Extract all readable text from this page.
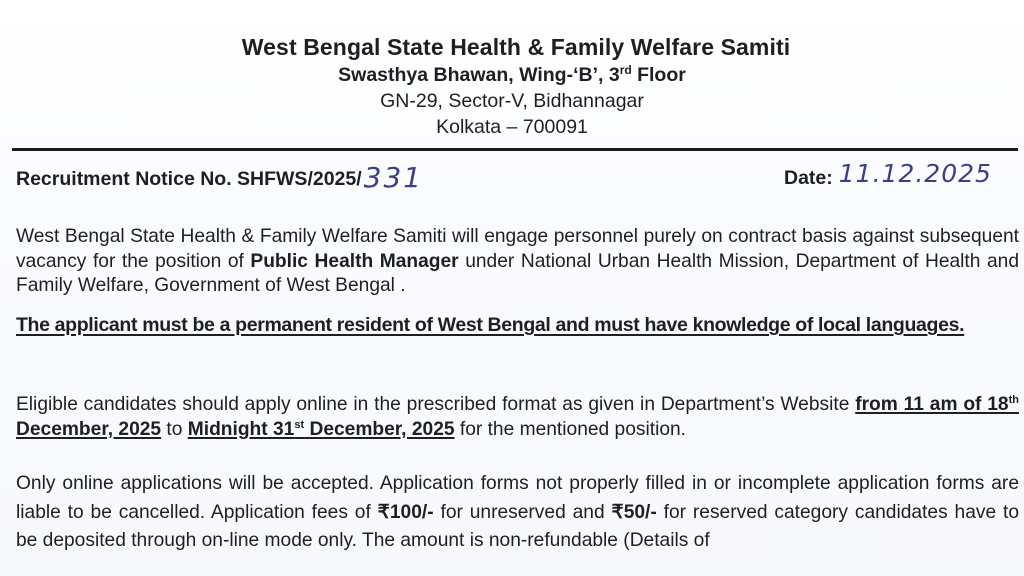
West Bengal State Health & Family Welfare Samiti
Swasthya Bhawan, Wing-‘B’, 3rd Floor
GN-29, Sector-V, Bidhannagar
Kolkata – 700091
Recruitment Notice No. SHFWS/2025/331	Date: 11.12.2025
West Bengal State Health & Family Welfare Samiti will engage personnel purely on contract basis against subsequent vacancy for the position of Public Health Manager under National Urban Health Mission, Department of Health and Family Welfare, Government of West Bengal .
The applicant must be a permanent resident of West Bengal and must have knowledge of local languages.
Eligible candidates should apply online in the prescribed format as given in Department’s Website from 11 am of 18th December, 2025 to Midnight 31st December, 2025 for the mentioned position.
Only online applications will be accepted. Application forms not properly filled in or incomplete application forms are liable to be cancelled. Application fees of ₹100/- for unreserved and ₹50/- for reserved category candidates have to be deposited through on-line mode only. The amount is non-refundable (Details of
